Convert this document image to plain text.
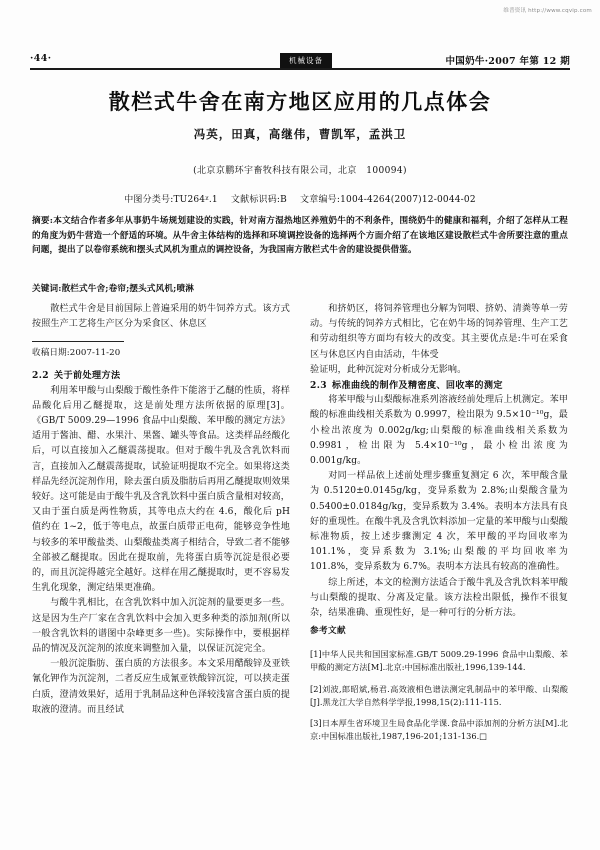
维普资讯 http://www.cqvip.com
·44·	机械设备	中国奶牛·2007 年第 12 期
散栏式牛舍在南方地区应用的几点体会
冯英，田真，高继伟，曹凯军，孟洪卫
(北京京鹏环宇畜牧科技有限公司，北京　100094)
中图分类号:TU264ᵡ.1 文献标识码:B 文章编号:1004-4264(2007)12-0044-02
摘要:本文结合作者多年从事奶牛场规划建设的实践，针对南方湿热地区养殖奶牛的不利条件，围绕奶牛的健康和福利，介绍了怎样从工程的角度为奶牛营造一个舒适的环境。从牛舍主体结构的选择和环境调控设备的选择两个方面介绍了在该地区建设散栏式牛舍所要注意的重点问题，提出了以卷帘系统和摆头式风机为重点的调控设备，为我国南方散栏式牛舍的建设提供借鉴。
关键词:散栏式牛舍;卷帘;摆头式风机;喷淋

散栏式牛舍是目前国际上普遍采用的奶牛饲养方式。该方式按照生产工艺将生产区分为采食区、休息区

收稿日期:2007-11-20

2.2 关于前处理方法

利用苯甲酸与山梨酸于酸性条件下能溶于乙醚的性质，将样品酸化后用乙醚提取，这是前处理方法所依据的原理[3]。《GB/T 5009.29—1996 食品中山梨酸、苯甲酸的测定方法》适用于酱油、醋、水果汁、果酱、罐头等食品。这类样品经酸化后，可以直接加入乙醚震荡提取。但对于酸牛乳及含乳饮料而言，直接加入乙醚震荡提取，试验证明提取不完全。如果将这类样品先经沉淀剂作用，除去蛋白质及脂肪后再用乙醚提取则效果较好。这可能是由于酸牛乳及含乳饮料中蛋白质含量相对较高，又由于蛋白质是两性物质，其等电点大约在 4.6，酸化后 pH 值约在 1~2，低于等电点，故蛋白质带正电荷，能够竞争性地与较多的苯甲酸盐类、山梨酸盐类离子相结合，导致二者不能够全部被乙醚提取。因此在提取前，先将蛋白质等沉淀是很必要的，而且沉淀得越完全越好。这样在用乙醚提取时，更不容易发生乳化现象，测定结果更准确。

与酸牛乳相比，在含乳饮料中加入沉淀剂的量要更多一些。这是因为生产厂家在含乳饮料中会加入更多种类的添加剂(所以一般含乳饮料的谱图中杂峰更多一些)。实际操作中，要根据样品的情况及沉淀剂的浓度来调整加入量，以保证沉淀完全。

一般沉淀脂肪、蛋白质的方法很多。本文采用醋酸锌及亚铁氰化钾作为沉淀剂，二者反应生成氰亚铁酸锌沉淀，可以挟走蛋白质，澄清效果好，适用于乳制品这种色泽较浅富含蛋白质的提取液的澄清。而且经试

和挤奶区，将饲养管理也分解为饲喂、挤奶、清粪等单一劳动。与传统的饲养方式相比，它在奶牛场的饲养管理、生产工艺和劳动组织等方面均有较大的改变。其主要优点是:牛可在采食区与休息区内自由活动，牛体受

验证明，此种沉淀对分析成分无影响。

2.3 标准曲线的制作及精密度、回收率的测定

将苯甲酸与山梨酸标准系列溶液经前处理后上机测定。苯甲酸的标准曲线相关系数为 0.9997，检出限为 9.5×10⁻¹⁰g，最小检出浓度为 0.002g/kg;山梨酸的标准曲线相关系数为 0.9981，检出限为 5.4×10⁻¹⁰g，最小检出浓度为 0.001g/kg。

对同一样品依上述前处理步骤重复测定 6 次，苯甲酸含量为 0.5120±0.0145g/kg，变异系数为 2.8%;山梨酸含量为 0.5400±0.0184g/kg，变异系数为 3.4%。表明本方法具有良好的重现性。在酸牛乳及含乳饮料添加一定量的苯甲酸与山梨酸标准物质，按上述步骤测定 4 次，苯甲酸的平均回收率为 101.1%，变异系数为 3.1%;山梨酸的平均回收率为 101.8%，变异系数为 6.7%。表明本方法具有较高的准确性。

综上所述，本文的检测方法适合于酸牛乳及含乳饮料苯甲酸与山梨酸的提取、分离及定量。该方法检出限低，操作不很复杂，结果准确、重现性好，是一种可行的分析方法。

参考文献

[1]中华人民共和国国家标准.GB/T 5009.29-1996 食品中山梨酸、苯甲酸的测定方法[M].北京:中国标准出版社,1996,139-144.

[2]刘波,郎昭斌,杨君.高效液相色谱法测定乳制品中的苯甲酸、山梨酸[J].黑龙江大学自然科学学报,1998,15(2):111-115.

[3]日本厚生省环境卫生局食品化学课.食品中添加剂的分析方法[M].北京:中国标准出版社,1987,196-201;131-136.□
